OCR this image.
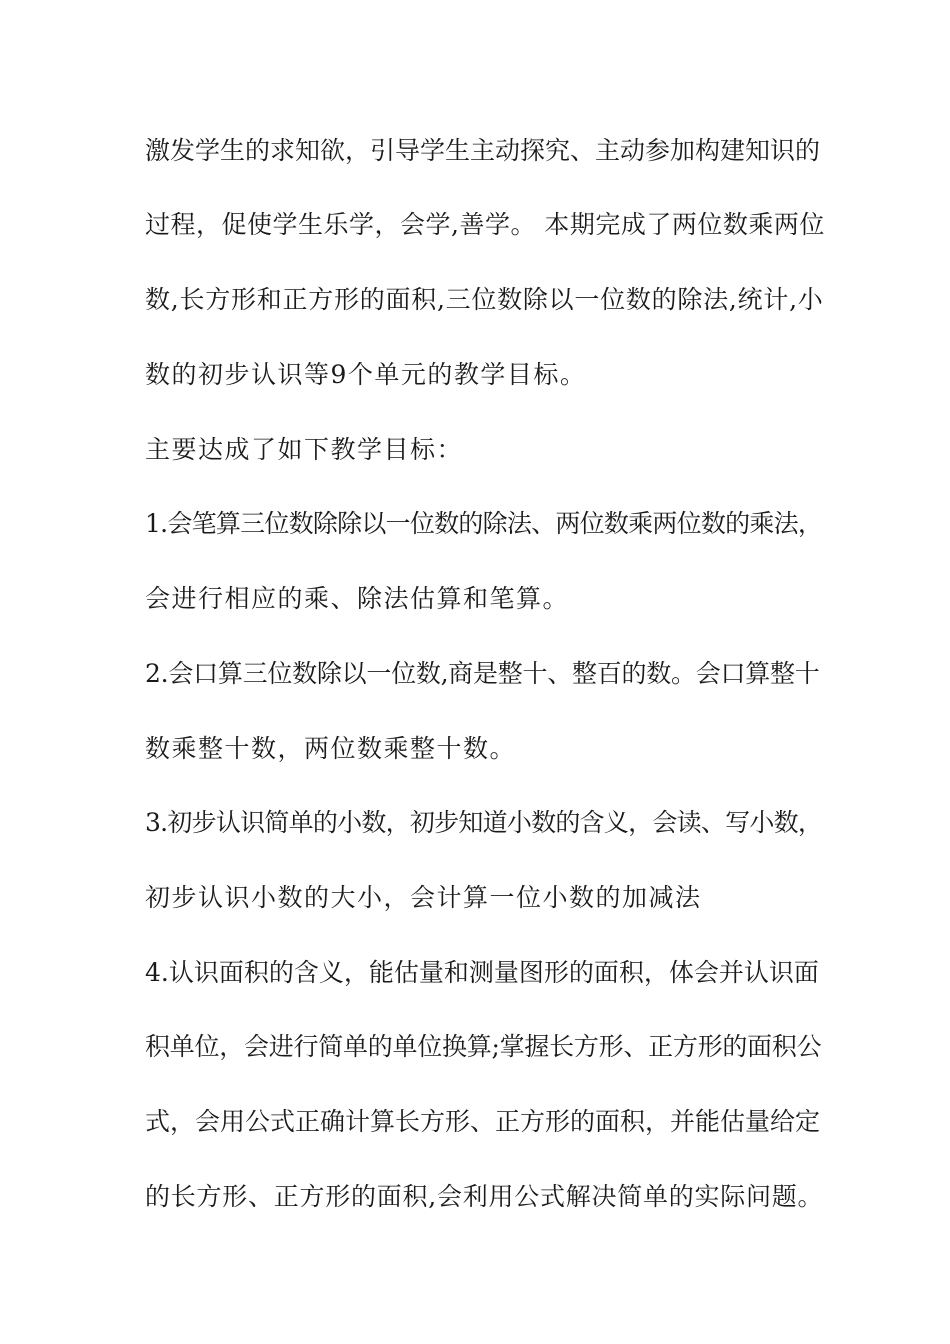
激发学生的求知欲，引导学生主动探究、主动参加构建知识的
过程，促使学生乐学，会学,善学。 本期完成了两位数乘两位
数,长方形和正方形的面积,三位数除以一位数的除法,统计,小
数的初步认识等9个单元的教学目标。
主要达成了如下教学目标：
1.会笔算三位数除除以一位数的除法、两位数乘两位数的乘法，
会进行相应的乘、除法估算和笔算。
2.会口算三位数除以一位数,商是整十、整百的数。会口算整十
数乘整十数，两位数乘整十数。
3.初步认识简单的小数，初步知道小数的含义，会读、写小数，
初步认识小数的大小，会计算一位小数的加减法
4.认识面积的含义，能估量和测量图形的面积，体会并认识面
积单位，会进行简单的单位换算;掌握长方形、正方形的面积公
式，会用公式正确计算长方形、正方形的面积，并能估量给定
的长方形、正方形的面积,会利用公式解决简单的实际问题。
